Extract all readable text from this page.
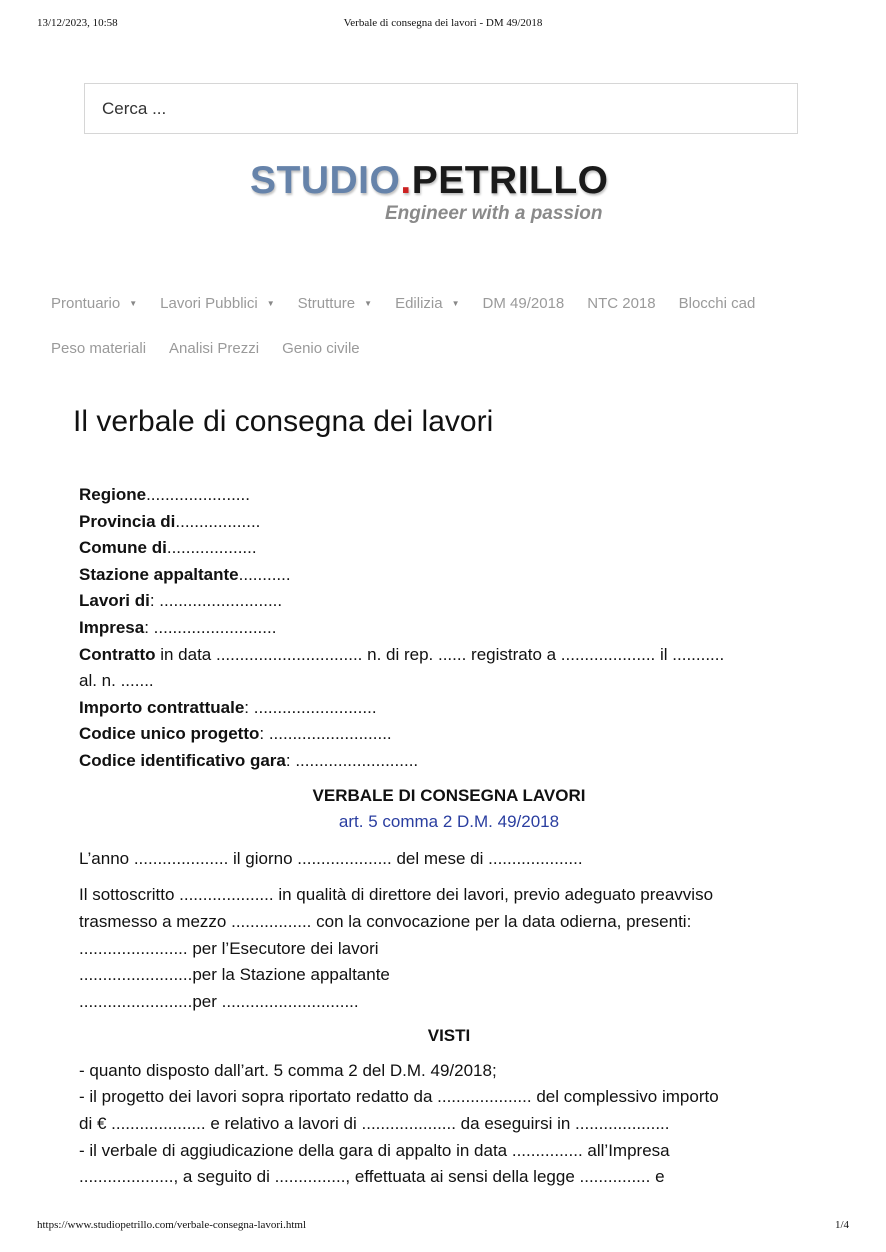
13/12/2023, 10:58	Verbale di consegna dei lavori - DM 49/2018
Cerca ...
STUDIO.PETRILLO
Engineer with a passion
Prontuario ▼ Lavori Pubblici ▼ Strutture ▼ Edilizia ▼ DM 49/2018 NTC 2018 Blocchi cad
Peso materiali Analisi Prezzi Genio civile
Il verbale di consegna dei lavori
Regione......................
Provincia di..................
Comune di...................
Stazione appaltante...........
Lavori di: ..........................
Impresa: ..........................
Contratto in data ............................... n. di rep. ...... registrato a .................... il ...........
al. n. .......
Importo contrattuale: ..........................
Codice unico progetto: ..........................
Codice identificativo gara: ..........................
VERBALE DI CONSEGNA LAVORI
art. 5 comma 2 D.M. 49/2018
L’anno .................... il giorno .................... del mese di ....................
Il sottoscritto .................... in qualità di direttore dei lavori, previo adeguato preavviso
trasmesso a mezzo ................. con la convocazione per la data odierna, presenti:
....................... per l’Esecutore dei lavori
........................per la Stazione appaltante
........................per .............................
VISTI
- quanto disposto dall’art. 5 comma 2 del D.M. 49/2018;
- il progetto dei lavori sopra riportato redatto da .................... del complessivo importo
di € .................... e relativo a lavori di .................... da eseguirsi in ....................
- il verbale di aggiudicazione della gara di appalto in data ............... all’Impresa
...................., a seguito di ..............., effettuata ai sensi della legge ............... e
https://www.studiopetrillo.com/verbale-consegna-lavori.html	1/4
